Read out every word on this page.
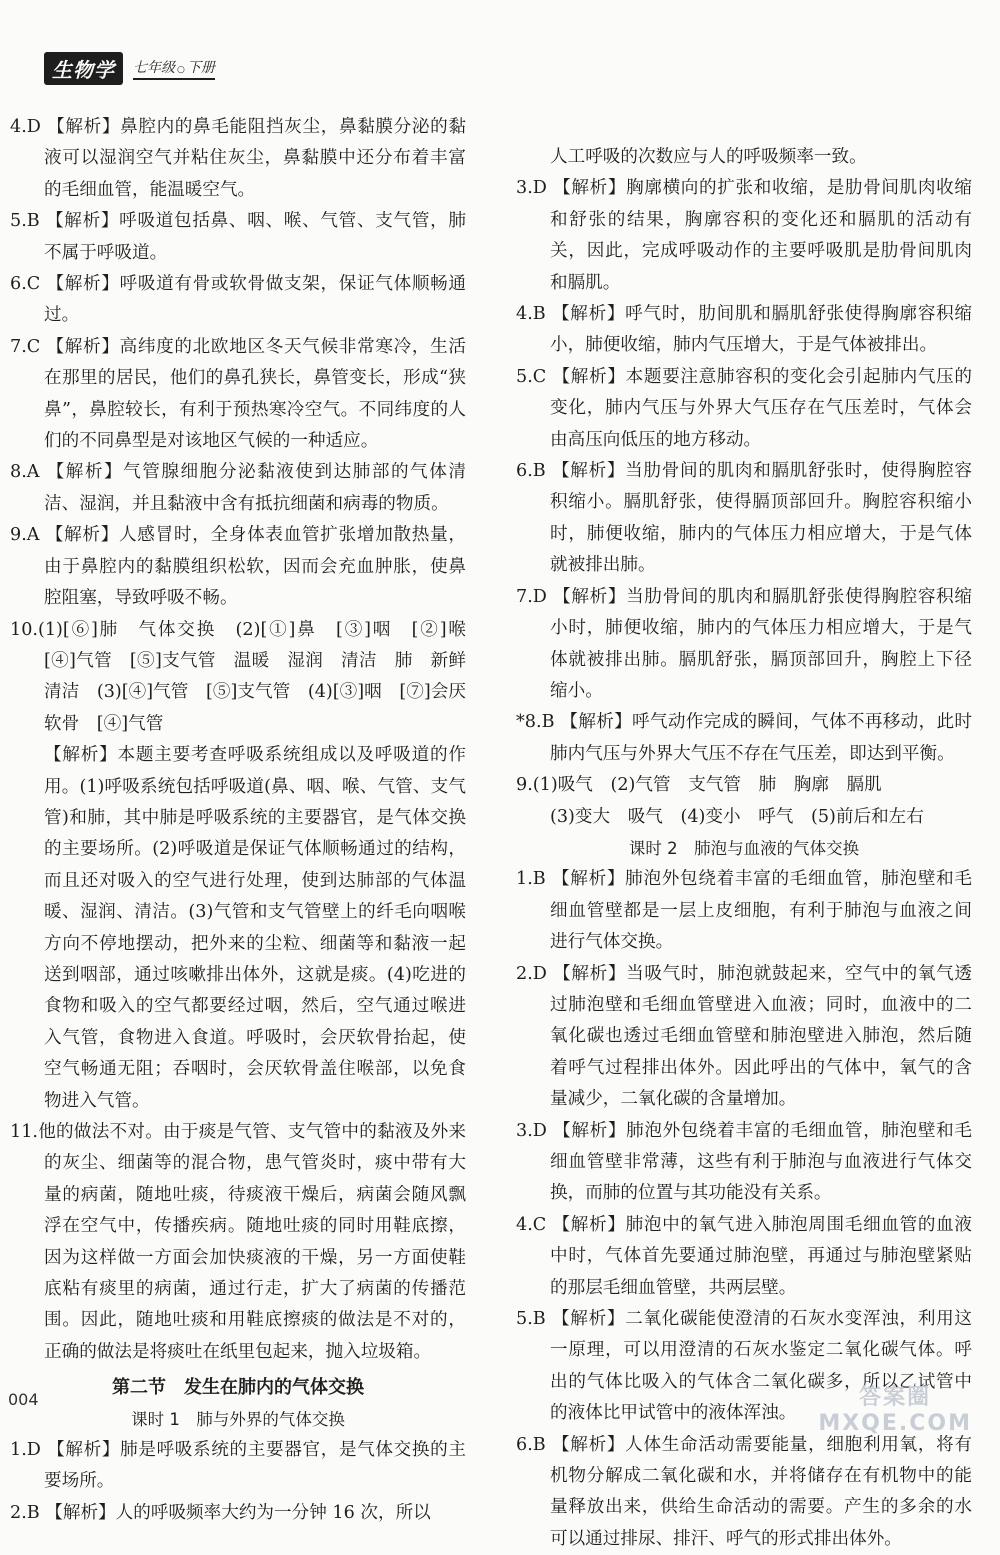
生物学	七年级 ○ 下册
4.D 【解析】鼻腔内的鼻毛能阻挡灰尘，鼻黏膜分泌的黏液可以湿润空气并粘住灰尘，鼻黏膜中还分布着丰富的毛细血管，能温暖空气。
5.B 【解析】呼吸道包括鼻、咽、喉、气管、支气管，肺不属于呼吸道。
6.C 【解析】呼吸道有骨或软骨做支架，保证气体顺畅通过。
7.C 【解析】高纬度的北欧地区冬天气候非常寒冷，生活在那里的居民，他们的鼻孔狭长，鼻管变长，形成“狭鼻”，鼻腔较长，有利于预热寒冷空气。不同纬度的人们的不同鼻型是对该地区气候的一种适应。
8.A 【解析】气管腺细胞分泌黏液使到达肺部的气体清洁、湿润，并且黏液中含有抵抗细菌和病毒的物质。
9.A 【解析】人感冒时，全身体表血管扩张增加散热量，由于鼻腔内的黏膜组织松软，因而会充血肿胀，使鼻腔阻塞，导致呼吸不畅。
10.(1)[⑥]肺　气体交换　(2)[①]鼻　[③]咽　[②]喉　[④]气管　[⑤]支气管　温暖　湿润　清洁　肺　新鲜　清洁　(3)[④]气管　[⑤]支气管　(4)[③]咽　[⑦]会厌软骨　[④]气管
【解析】本题主要考查呼吸系统组成以及呼吸道的作用。(1)呼吸系统包括呼吸道(鼻、咽、喉、气管、支气管)和肺，其中肺是呼吸系统的主要器官，是气体交换的主要场所。(2)呼吸道是保证气体顺畅通过的结构，而且还对吸入的空气进行处理，使到达肺部的气体温暖、湿润、清洁。(3)气管和支气管壁上的纤毛向咽喉方向不停地摆动，把外来的尘粒、细菌等和黏液一起送到咽部，通过咳嗽排出体外，这就是痰。(4)吃进的食物和吸入的空气都要经过咽，然后，空气通过喉进入气管，食物进入食道。呼吸时，会厌软骨抬起，使空气畅通无阻；吞咽时，会厌软骨盖住喉部，以免食物进入气管。
11.他的做法不对。由于痰是气管、支气管中的黏液及外来的灰尘、细菌等的混合物，患气管炎时，痰中带有大量的病菌，随地吐痰，待痰液干燥后，病菌会随风飘浮在空气中，传播疾病。随地吐痰的同时用鞋底擦，因为这样做一方面会加快痰液的干燥，另一方面使鞋底粘有痰里的病菌，通过行走，扩大了病菌的传播范围。因此，随地吐痰和用鞋底擦痰的做法是不对的，正确的做法是将痰吐在纸里包起来，抛入垃圾箱。
第二节　发生在肺内的气体交换
课时 1　肺与外界的气体交换
1.D 【解析】肺是呼吸系统的主要器官，是气体交换的主要场所。
2.B 【解析】人的呼吸频率大约为一分钟 16 次，所以
人工呼吸的次数应与人的呼吸频率一致。
3.D 【解析】胸廓横向的扩张和收缩，是肋骨间肌肉收缩和舒张的结果，胸廓容积的变化还和膈肌的活动有关，因此，完成呼吸动作的主要呼吸肌是肋骨间肌肉和膈肌。
4.B 【解析】呼气时，肋间肌和膈肌舒张使得胸廓容积缩小，肺便收缩，肺内气压增大，于是气体被排出。
5.C 【解析】本题要注意肺容积的变化会引起肺内气压的变化，肺内气压与外界大气压存在气压差时，气体会由高压向低压的地方移动。
6.B 【解析】当肋骨间的肌肉和膈肌舒张时，使得胸腔容积缩小。膈肌舒张，使得膈顶部回升。胸腔容积缩小时，肺便收缩，肺内的气体压力相应增大，于是气体就被排出肺。
7.D 【解析】当肋骨间的肌肉和膈肌舒张使得胸腔容积缩小时，肺便收缩，肺内的气体压力相应增大，于是气体就被排出肺。膈肌舒张，膈顶部回升，胸腔上下径缩小。
*8.B 【解析】呼气动作完成的瞬间，气体不再移动，此时肺内气压与外界大气压不存在气压差，即达到平衡。
9.(1)吸气　(2)气管　支气管　肺　胸廓　膈肌
(3)变大　吸气　(4)变小　呼气　(5)前后和左右
课时 2　肺泡与血液的气体交换
1.B 【解析】肺泡外包绕着丰富的毛细血管，肺泡壁和毛细血管壁都是一层上皮细胞，有利于肺泡与血液之间进行气体交换。
2.D 【解析】当吸气时，肺泡就鼓起来，空气中的氧气透过肺泡壁和毛细血管壁进入血液；同时，血液中的二氧化碳也透过毛细血管壁和肺泡壁进入肺泡，然后随着呼气过程排出体外。因此呼出的气体中，氧气的含量减少，二氧化碳的含量增加。
3.D 【解析】肺泡外包绕着丰富的毛细血管，肺泡壁和毛细血管壁非常薄，这些有利于肺泡与血液进行气体交换，而肺的位置与其功能没有关系。
4.C 【解析】肺泡中的氧气进入肺泡周围毛细血管的血液中时，气体首先要通过肺泡壁，再通过与肺泡壁紧贴的那层毛细血管壁，共两层壁。
5.B 【解析】二氧化碳能使澄清的石灰水变浑浊，利用这一原理，可以用澄清的石灰水鉴定二氧化碳气体。呼出的气体比吸入的气体含二氧化碳多，所以乙试管中的液体比甲试管中的液体浑浊。
6.B 【解析】人体生命活动需要能量，细胞利用氧，将有机物分解成二氧化碳和水，并将储存在有机物中的能量释放出来，供给生命活动的需要。产生的多余的水可以通过排尿、排汗、呼气的形式排出体外。
004	答案圈
MXQE.COM
